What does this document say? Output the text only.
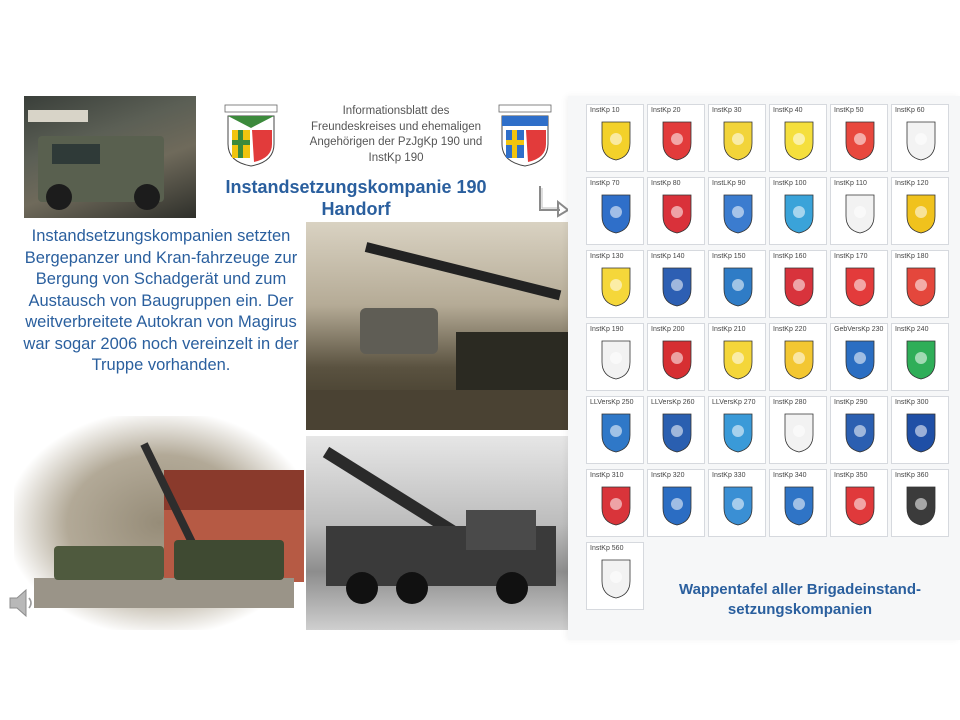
Informationsblatt des
Freundeskreises und ehemaligen
Angehörigen der PzJgKp 190 und
InstKp 190
Instandsetzungskompanie 190
Handorf
Instandsetzungskompanien setzten Bergepanzer und Kran-fahrzeuge zur Bergung von Schadgerät und zum Austausch von Baugruppen ein. Der weitverbreitete Autokran von Magirus war sogar 2006 noch vereinzelt in der Truppe vorhanden.
InstKp 10	InstKp 20	InstKp 30	InstKp 40	InstKp 50	InstKp 60
InstKp 70	InstKp 80	InstLKp 90	InstKp 100	InstKp 110	InstKp 120
InstKp 130	InstKp 140	InstKp 150	InstKp 160	InstKp 170	InstKp 180
InstKp 190	InstKp 200	InstKp 210	InstKp 220	GebVersKp 230 InstKp 240
LLVersKp 250	LLVersKp 260	LLVersKp 270	InstKp 280	InstKp 290	InstKp 300
InstKp 310	InstKp 320	InstKp 330	InstKp 340	InstKp 350	InstKp 360
InstKp 560
Wappentafel aller Brigadeinstand-setzungskompanien
